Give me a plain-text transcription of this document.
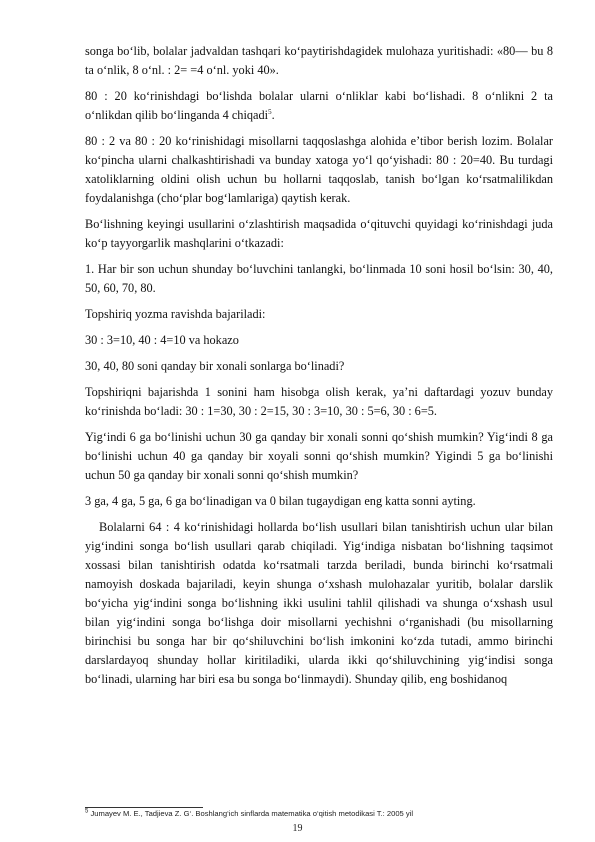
songa bo‘lib, bolalar jadvaldan tashqari ko‘paytirishdagidek mulohaza yuritishadi: «80— bu 8 ta o‘nlik, 8 o‘nl. : 2= =4 o‘nl. yoki 40».

80 : 20 ko‘rinishdagi bo‘lishda bolalar ularni o‘nliklar kabi bo‘lishadi. 8 o‘nlikni 2 ta o‘nlikdan qilib bo‘linganda 4 chiqadi$^5$.

80 : 2 va 80 : 20 ko‘rinishidagi misollarni taqqoslashga alohida e’tibor berish lozim. Bolalar ko‘pincha ularni chalkashtirishadi va bunday xatoga yo‘l qo‘yishadi: 80 : 20=40. Bu turdagi xatoliklarning oldini olish uchun bu hollarni taqqoslab, tanish bo‘lgan ko‘rsatmalilikdan foydalanishga (cho‘plar bog‘lamlariga) qaytish kerak.

Bo‘lishning keyingi usullarini o‘zlashtirish maqsadida o‘qituvchi quyidagi ko‘rinishdagi juda ko‘p tayyorgarlik mashqlarini o‘tkazadi:

1. Har bir son uchun shunday bo‘luvchini tanlangki, bo‘linmada 10 soni hosil bo‘lsin: 30, 40, 50, 60, 70, 80.

Topshiriq yozma ravishda bajariladi:

30 : 3=10, 40 : 4=10 va hokazo

30, 40, 80 soni qanday bir xonali sonlarga bo‘linadi?

Topshiriqni bajarishda 1 sonini ham hisobga olish kerak, ya’ni daftardagi yozuv bunday ko‘rinishda bo‘ladi: 30 : 1=30, 30 : 2=15, 30 : 3=10, 30 : 5=6, 30 : 6=5.

Yig‘indi 6 ga bo‘linishi uchun 30 ga qanday bir xonali sonni qo‘shish mumkin? Yig‘indi 8 ga bo‘linishi uchun 40 ga qanday bir xoyali sonni qo‘shish mumkin? Yigindi 5 ga bo‘linishi uchun 50 ga qanday bir xonali sonni qo‘shish mumkin?

3 ga, 4 ga, 5 ga, 6 ga bo‘linadigan va 0 bilan tugaydigan eng katta sonni ayting.

Bolalarni 64 : 4 ko‘rinishidagi hollarda bo‘lish usullari bilan tanishtirish uchun ular bilan yig‘indini songa bo‘lish usullari qarab chiqiladi. Yig‘indiga nisbatan bo‘lishning taqsimot xossasi bilan tanishtirish odatda ko‘rsatmali tarzda beriladi, bunda birinchi ko‘rsatmali namoyish doskada bajariladi, keyin shunga o‘xshash mulohazalar yuritib, bolalar darslik bo‘yicha yig‘indini songa bo‘lishning ikki usulini tahlil qilishadi va shunga o‘xshash usul bilan yig‘indini songa bo‘lishga doir misollarni yechishni o‘rganishadi (bu misollarning birinchisi bu songa har bir qo‘shiluvchini bo‘lish imkonini ko‘zda tutadi, ammo birinchi darslardayoq shunday hollar kiritiladiki, ularda ikki qo‘shiluvchining yig‘indisi songa bo‘linadi, ularning har biri esa bu songa bo‘linmaydi). Shunday qilib, eng boshidanoq

$^5$ Jumayev M. E., Tadjieva Z. G‘. Boshlang‘ich sinflarda matematika o‘qitish metodikasi T.: 2005 yil
19
